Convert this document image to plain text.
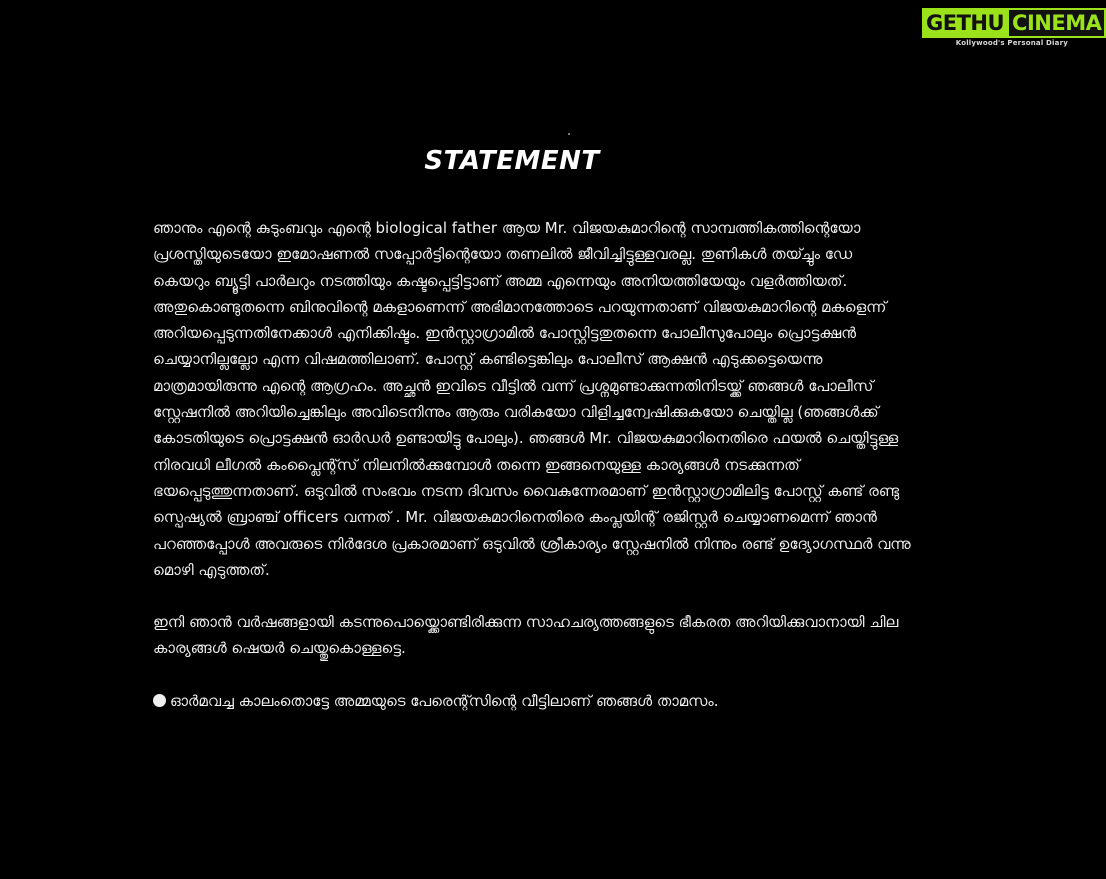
GETHU CINEMA
Kollywood's Personal Diary
STATEMENT
ഞാനും എന്റെ കുടുംബവും എന്റെ biological father ആയ Mr. വിജയകുമാറിന്റെ സാമ്പത്തികത്തിന്റെയോ
പ്രശസ്തിയുടെയോ ഇമോഷണൽ സപ്പോർട്ടിന്റെയോ തണലിൽ ജീവിച്ചിട്ടുള്ളവരല്ല. തുണികൾ തയ്ച്ചും ഡേ
കെയറും ബ്യൂട്ടി പാർലറും നടത്തിയും കഷ്ടപ്പെട്ടിട്ടാണ് അമ്മ എന്നെയും അനിയത്തിയേയും വളർത്തിയത്.
അതുകൊണ്ടുതന്നെ ബിനുവിന്റെ മകളാണെന്ന് അഭിമാനത്തോടെ പറയുന്നതാണ് വിജയകുമാറിന്റെ മകളെന്ന്
അറിയപ്പെടുന്നതിനേക്കാൾ എനിക്കിഷ്ടം. ഇൻസ്റ്റാഗ്രാമിൽ പോസ്റ്റിട്ടതുതന്നെ പോലീസുപോലും പ്രൊട്ടക്ഷൻ
ചെയ്യാനില്ലല്ലോ എന്ന വിഷമത്തിലാണ്. പോസ്റ്റ് കണ്ടിട്ടെങ്കിലും പോലീസ് ആക്ഷൻ എടുക്കട്ടെയെന്നു
മാത്രമായിരുന്നു എന്റെ ആഗ്രഹം. അച്ഛൻ ഇവിടെ വീട്ടിൽ വന്ന് പ്രശ്നമുണ്ടാക്കുന്നതിനിടയ്ക്ക് ഞങ്ങൾ പോലീസ്
സ്റ്റേഷനിൽ അറിയിച്ചെങ്കിലും അവിടെനിന്നും ആരും വരികയോ വിളിച്ചന്വേഷിക്കുകയോ ചെയ്തില്ല (ഞങ്ങൾക്ക്
കോടതിയുടെ പ്രൊട്ടക്ഷൻ ഓർഡർ ഉണ്ടായിട്ടു പോലും). ഞങ്ങൾ Mr. വിജയകുമാറിനെതിരെ ഫയൽ ചെയ്തിട്ടുള്ള
നിരവധി ലീഗൽ കംപ്ലൈന്റ്സ് നിലനിൽക്കുമ്പോൾ തന്നെ ഇങ്ങനെയുള്ള കാര്യങ്ങൾ നടക്കുന്നത്
ഭയപ്പെടുത്തുന്നതാണ്. ഒടുവിൽ സംഭവം നടന്ന ദിവസം വൈകുന്നേരമാണ് ഇൻസ്റ്റാഗ്രാമിലിട്ട പോസ്റ്റ് കണ്ട് രണ്ടു
സ്പെഷ്യൽ ബ്രാഞ്ച് officers വന്നത് . Mr. വിജയകുമാറിനെതിരെ കംപ്ലയിന്റ് രജിസ്റ്റർ ചെയ്യാണമെന്ന് ഞാൻ
പറഞ്ഞപ്പോൾ അവരുടെ നിർദേശ പ്രകാരമാണ് ഒടുവിൽ ശ്രീകാര്യം സ്റ്റേഷനിൽ നിന്നും രണ്ട് ഉദ്യോഗസ്ഥർ വന്നു
മൊഴി എടുത്തത്.
ഇനി ഞാൻ വർഷങ്ങളായി കടന്നുപൊയ്ക്കൊണ്ടിരിക്കുന്ന സാഹചര്യത്തങ്ങളുടെ ഭീകരത അറിയിക്കുവാനായി ചില
കാര്യങ്ങൾ ഷെയർ ചെയ്തുകൊള്ളട്ടെ.
ഓർമവച്ച കാലംതൊട്ടേ അമ്മയുടെ പേരെന്റ്സിന്റെ വീട്ടിലാണ് ഞങ്ങൾ താമസം.
